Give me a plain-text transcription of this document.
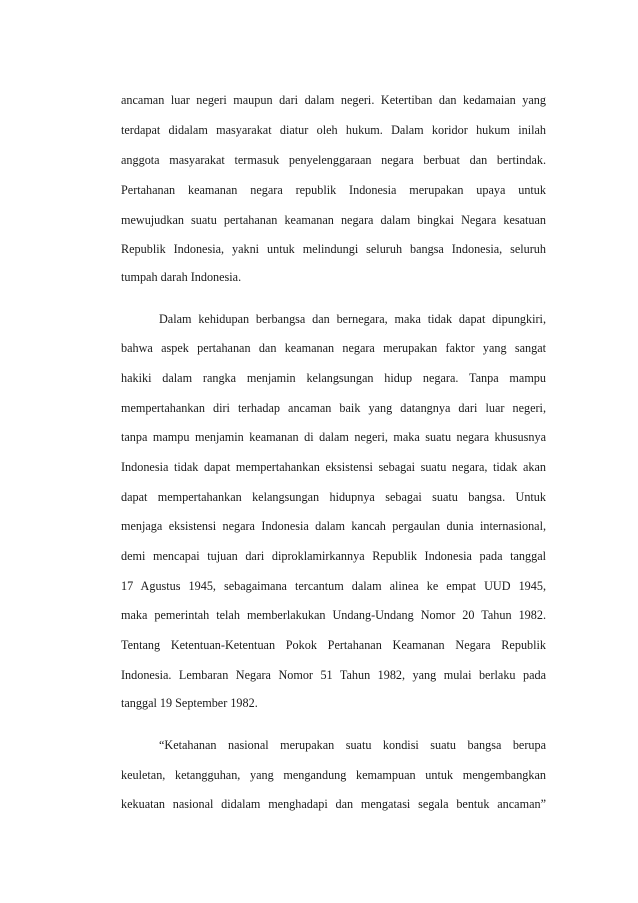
ancaman luar negeri maupun dari dalam negeri. Ketertiban dan kedamaian yang
terdapat didalam masyarakat diatur oleh hukum. Dalam koridor hukum inilah
anggota masyarakat termasuk penyelenggaraan negara berbuat dan bertindak.
Pertahanan keamanan negara republik Indonesia merupakan upaya untuk
mewujudkan suatu pertahanan keamanan negara dalam bingkai Negara kesatuan
Republik Indonesia, yakni untuk melindungi seluruh bangsa Indonesia, seluruh
tumpah darah Indonesia.
Dalam kehidupan berbangsa dan bernegara, maka tidak dapat dipungkiri,
bahwa aspek pertahanan dan keamanan negara merupakan faktor yang sangat
hakiki dalam rangka menjamin kelangsungan hidup negara. Tanpa mampu
mempertahankan diri terhadap ancaman baik yang datangnya dari luar negeri,
tanpa mampu menjamin keamanan di dalam negeri, maka suatu negara khususnya
Indonesia tidak dapat mempertahankan eksistensi sebagai suatu negara, tidak akan
dapat mempertahankan kelangsungan hidupnya sebagai suatu bangsa. Untuk
menjaga eksistensi negara Indonesia dalam kancah pergaulan dunia internasional,
demi mencapai tujuan dari diproklamirkannya Republik Indonesia pada tanggal
17 Agustus 1945, sebagaimana tercantum dalam alinea ke empat UUD 1945,
maka pemerintah telah memberlakukan Undang-Undang Nomor 20 Tahun 1982.
Tentang Ketentuan-Ketentuan Pokok Pertahanan Keamanan Negara Republik
Indonesia. Lembaran Negara Nomor 51 Tahun 1982, yang mulai berlaku pada
tanggal 19 September 1982.
“Ketahanan nasional merupakan suatu kondisi suatu bangsa berupa
keuletan, ketangguhan, yang mengandung kemampuan untuk mengembangkan
kekuatan nasional didalam menghadapi dan mengatasi segala bentuk ancaman”
